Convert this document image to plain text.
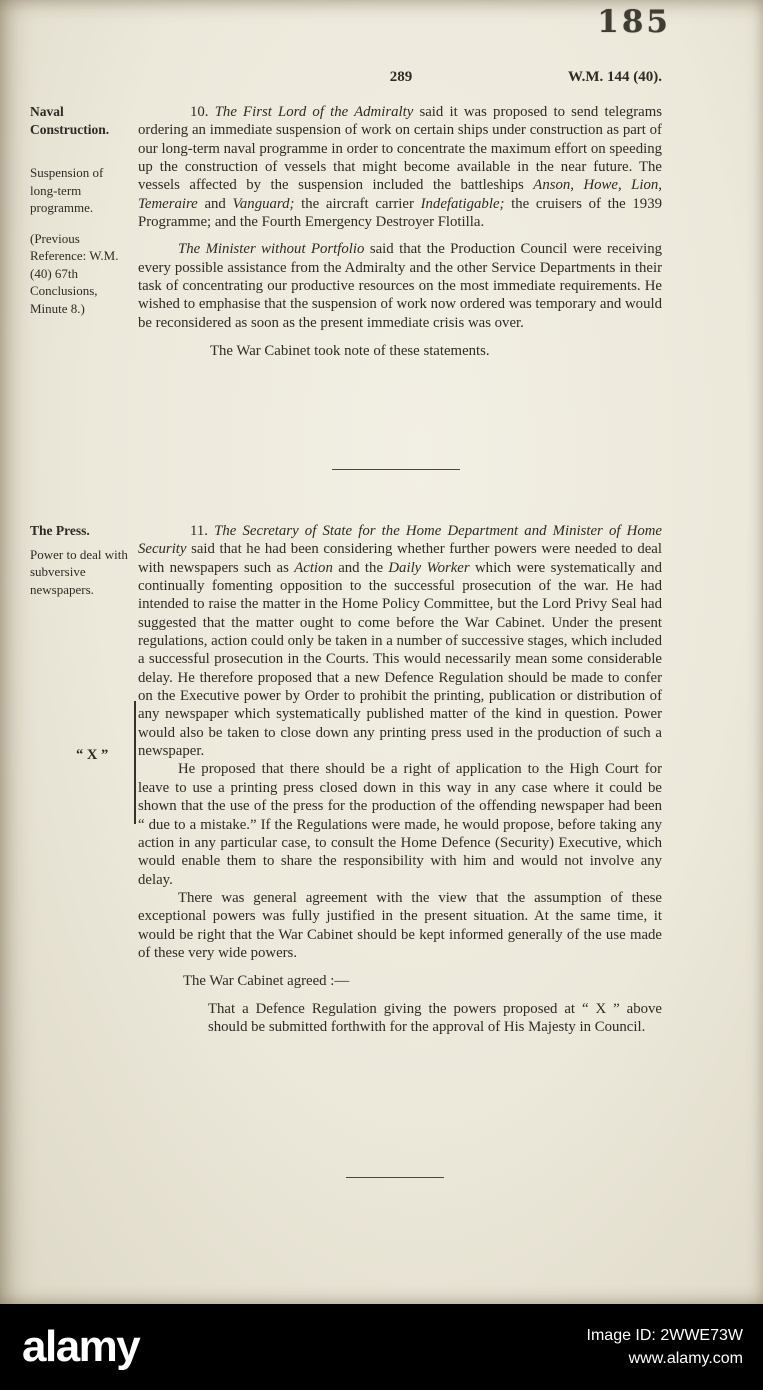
185
289	W.M. 144 (40).
Naval Construction.
Suspension of long-term programme.
(Previous Reference: W.M. (40) 67th Conclusions, Minute 8.)

10. The First Lord of the Admiralty said it was proposed to send telegrams ordering an immediate suspension of work on certain ships under construction as part of our long-term naval programme in order to concentrate the maximum effort on speeding up the construction of vessels that might become available in the near future. The vessels affected by the suspension included the battleships Anson, Howe, Lion, Temeraire and Vanguard; the aircraft carrier Indefatigable; the cruisers of the 1939 Programme; and the Fourth Emergency Destroyer Flotilla.

The Minister without Portfolio said that the Production Council were receiving every possible assistance from the Admiralty and the other Service Departments in their task of concentrating our productive resources on the most immediate requirements. He wished to emphasise that the suspension of work now ordered was temporary and would be reconsidered as soon as the present immediate crisis was over.

The War Cabinet took note of these statements.

The Press.
Power to deal with subversive newspapers.

11. The Secretary of State for the Home Department and Minister of Home Security said that he had been considering whether further powers were needed to deal with newspapers such as Action and the Daily Worker which were systematically and continually fomenting opposition to the successful prosecution of the war. He had intended to raise the matter in the Home Policy Committee, but the Lord Privy Seal had suggested that the matter ought to come before the War Cabinet. Under the present regulations, action could only be taken in a number of successive stages, which included a successful prosecution in the Courts. This would necessarily mean some considerable delay. He therefore proposed that a new Defence Regulation should be made to confer on the Executive power by Order to prohibit the printing, publication or distribution of any newspaper which systematically published matter of the kind in question. Power would also be taken to close down any printing press used in the production of such a newspaper.

He proposed that there should be a right of application to the High Court for leave to use a printing press closed down in this way in any case where it could be shown that the use of the press for the production of the offending newspaper had been “ due to a mistake.” If the Regulations were made, he would propose, before taking any action in any particular case, to consult the Home Defence (Security) Executive, which would enable them to share the responsibility with him and would not involve any delay.

There was general agreement with the view that the assumption of these exceptional powers was fully justified in the present situation. At the same time, it would be right that the War Cabinet should be kept informed generally of the use made of these very wide powers.

The War Cabinet agreed :—

That a Defence Regulation giving the powers proposed at “ X ” above should be submitted forthwith for the approval of His Majesty in Council.

“ X ”
alamy	Image ID: 2WWE73W
www.alamy.com
